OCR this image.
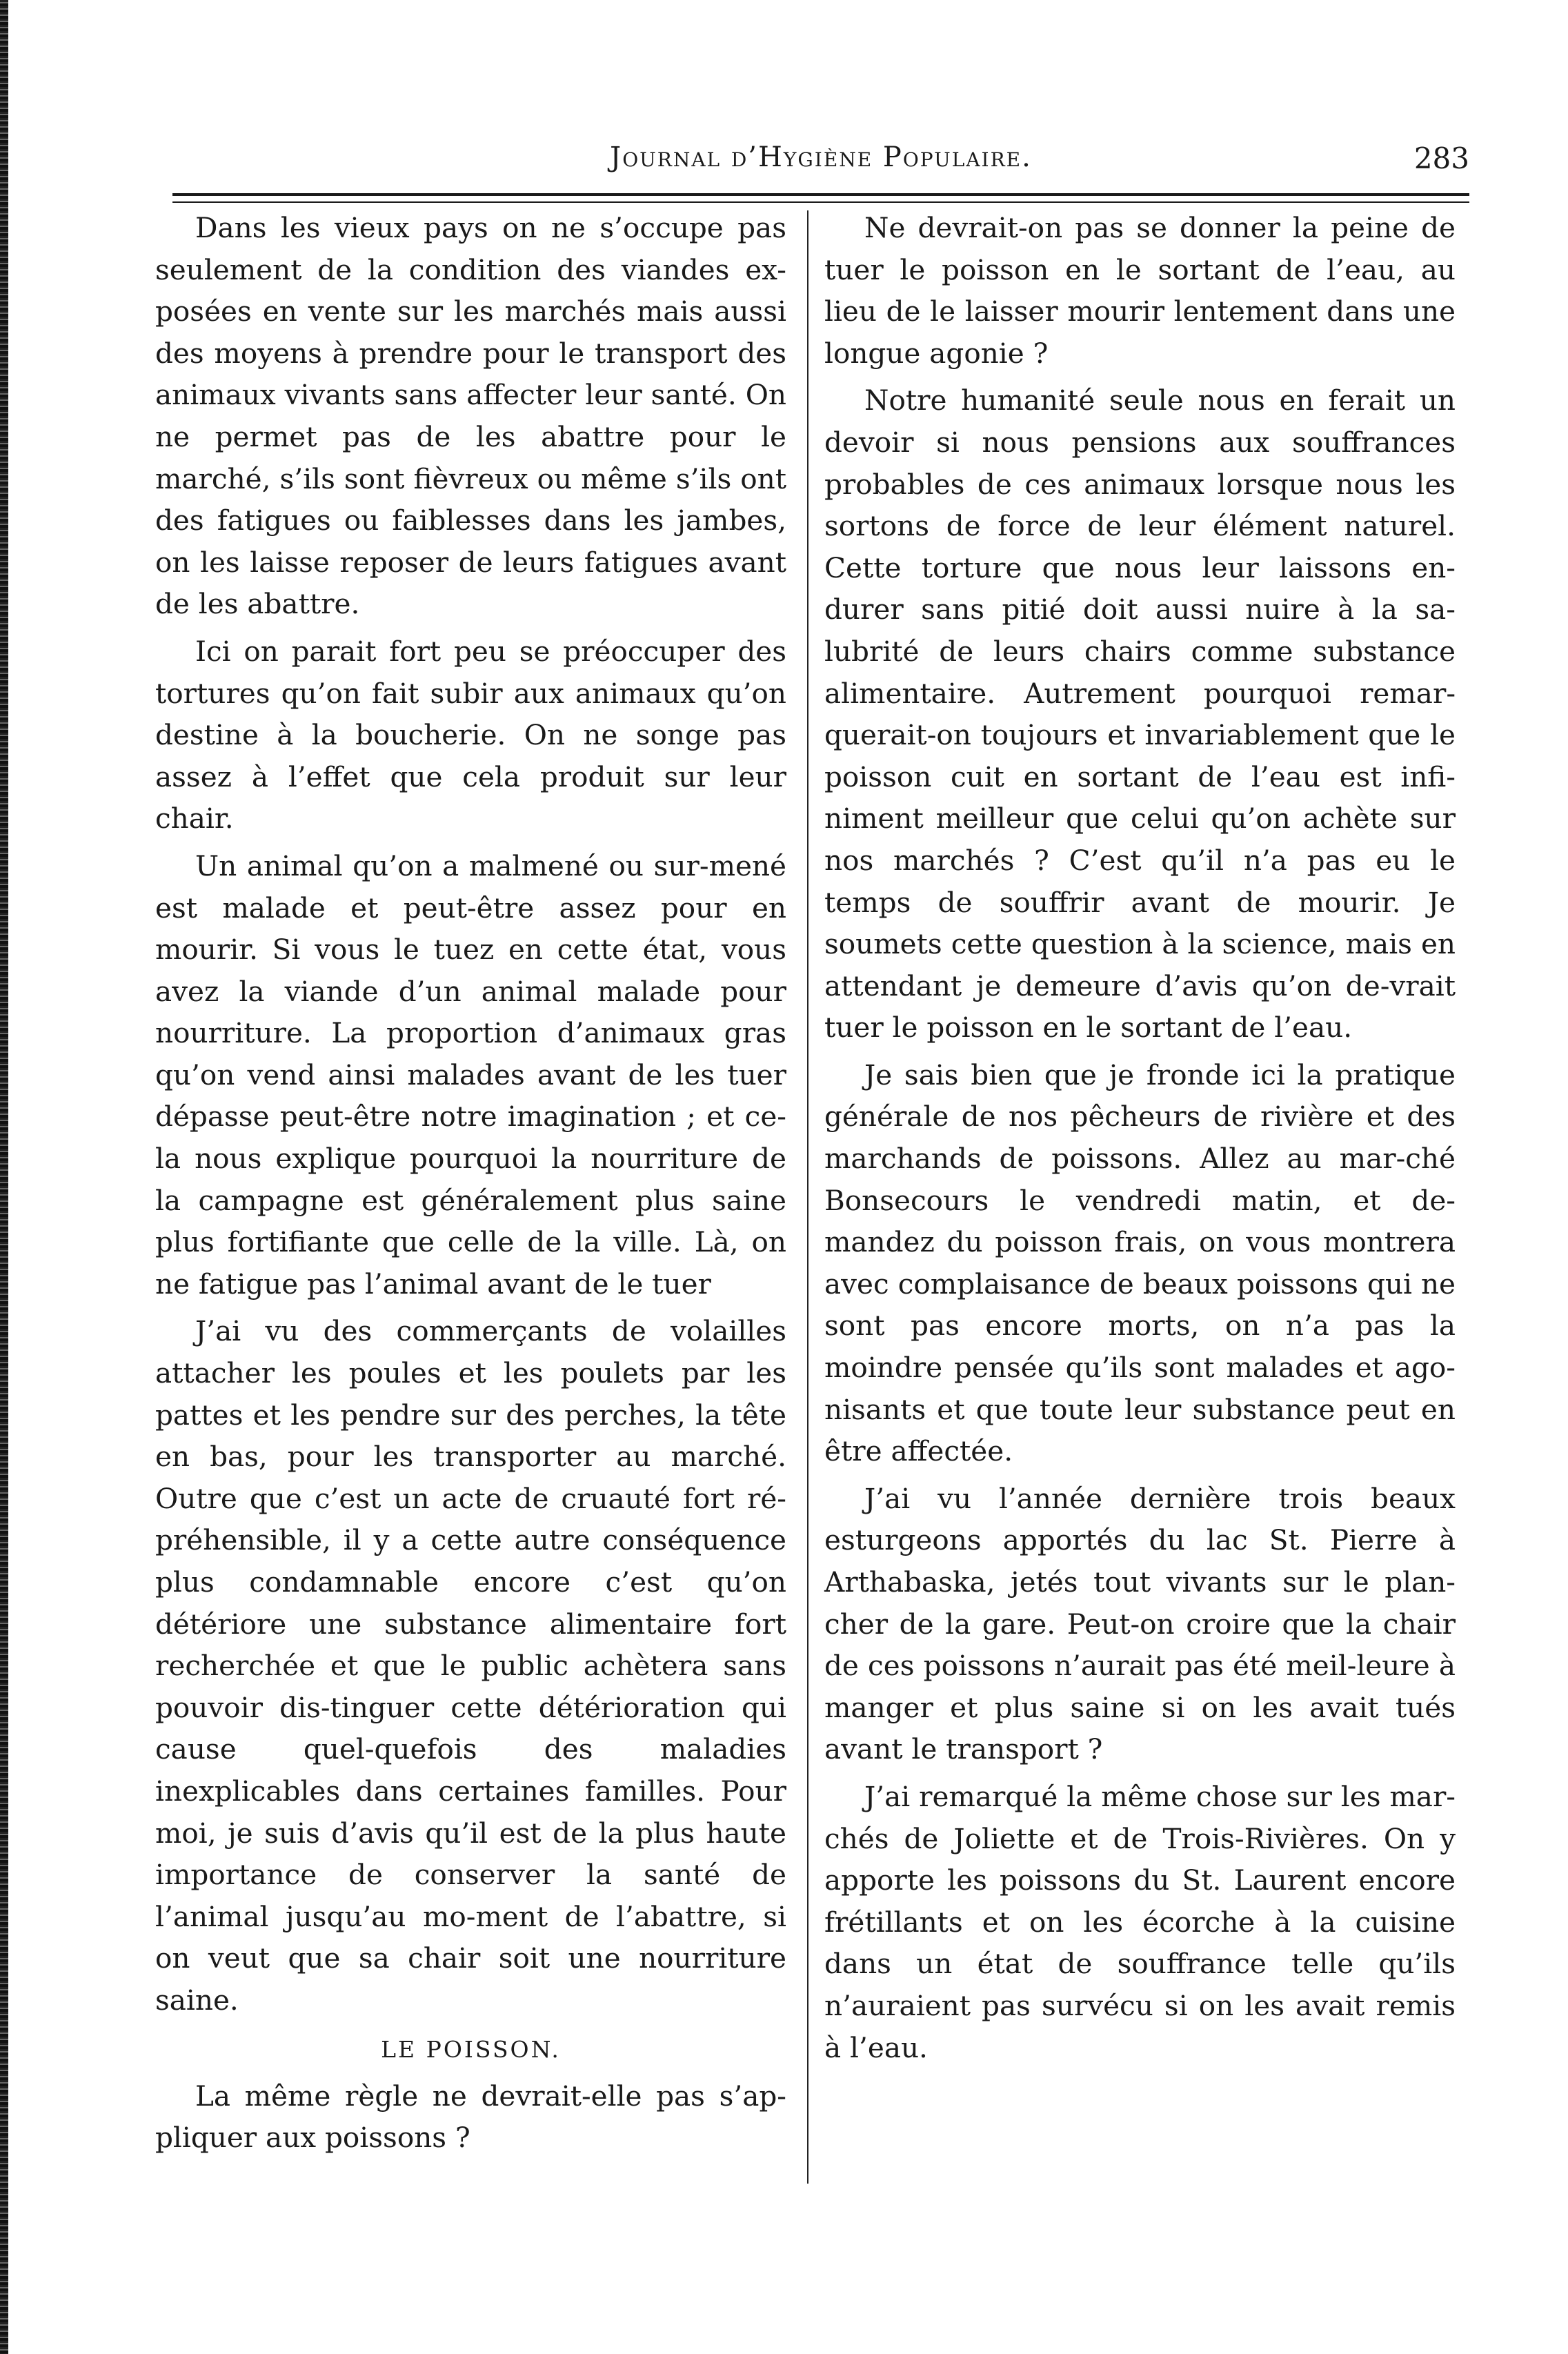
Journal d’Hygiène Populaire.	283

Dans les vieux pays on ne s’occupe pas seulement de la condition des viandes ex-posées en vente sur les marchés mais aussi des moyens à prendre pour le transport des animaux vivants sans affecter leur santé. On ne permet pas de les abattre pour le marché, s’ils sont fièvreux ou même s’ils ont des fatigues ou faiblesses dans les jambes, on les laisse reposer de leurs fatigues avant de les abattre.

Ici on parait fort peu se préoccuper des tortures qu’on fait subir aux animaux qu’on destine à la boucherie. On ne songe pas assez à l’effet que cela produit sur leur chair.

Un animal qu’on a malmené ou sur-mené est malade et peut-être assez pour en mourir. Si vous le tuez en cette état, vous avez la viande d’un animal malade pour nourriture. La proportion d’animaux gras qu’on vend ainsi malades avant de les tuer dépasse peut-être notre imagination ; et ce-la nous explique pourquoi la nourriture de la campagne est généralement plus saine plus fortifiante que celle de la ville. Là, on ne fatigue pas l’animal avant de le tuer

J’ai vu des commerçants de volailles attacher les poules et les poulets par les pattes et les pendre sur des perches, la tête en bas, pour les transporter au marché. Outre que c’est un acte de cruauté fort ré-préhensible, il y a cette autre conséquence plus condamnable encore c’est qu’on détériore une substance alimentaire fort recherchée et que le public achètera sans pouvoir dis-tinguer cette détérioration qui cause quel-quefois des maladies inexplicables dans certaines familles. Pour moi, je suis d’avis qu’il est de la plus haute importance de conserver la santé de l’animal jusqu’au mo-ment de l’abattre, si on veut que sa chair soit une nourriture saine.

LE POISSON.

La même règle ne devrait-elle pas s’ap-pliquer aux poissons ?

Ne devrait-on pas se donner la peine de tuer le poisson en le sortant de l’eau, au lieu de le laisser mourir lentement dans une longue agonie ?

Notre humanité seule nous en ferait un devoir si nous pensions aux souffrances probables de ces animaux lorsque nous les sortons de force de leur élément naturel. Cette torture que nous leur laissons en-durer sans pitié doit aussi nuire à la sa-lubrité de leurs chairs comme substance alimentaire. Autrement pourquoi remar-querait-on toujours et invariablement que le poisson cuit en sortant de l’eau est infi-niment meilleur que celui qu’on achète sur nos marchés ? C’est qu’il n’a pas eu le temps de souffrir avant de mourir. Je soumets cette question à la science, mais en attendant je demeure d’avis qu’on de-vrait tuer le poisson en le sortant de l’eau.

Je sais bien que je fronde ici la pratique générale de nos pêcheurs de rivière et des marchands de poissons. Allez au mar-ché Bonsecours le vendredi matin, et de-mandez du poisson frais, on vous montrera avec complaisance de beaux poissons qui ne sont pas encore morts, on n’a pas la moindre pensée qu’ils sont malades et ago-nisants et que toute leur substance peut en être affectée.

J’ai vu l’année dernière trois beaux esturgeons apportés du lac St. Pierre à Arthabaska, jetés tout vivants sur le plan-cher de la gare. Peut-on croire que la chair de ces poissons n’aurait pas été meil-leure à manger et plus saine si on les avait tués avant le transport ?

J’ai remarqué la même chose sur les mar-chés de Joliette et de Trois-Rivières. On y apporte les poissons du St. Laurent encore frétillants et on les écorche à la cuisine dans un état de souffrance telle qu’ils n’auraient pas survécu si on les avait remis à l’eau.
